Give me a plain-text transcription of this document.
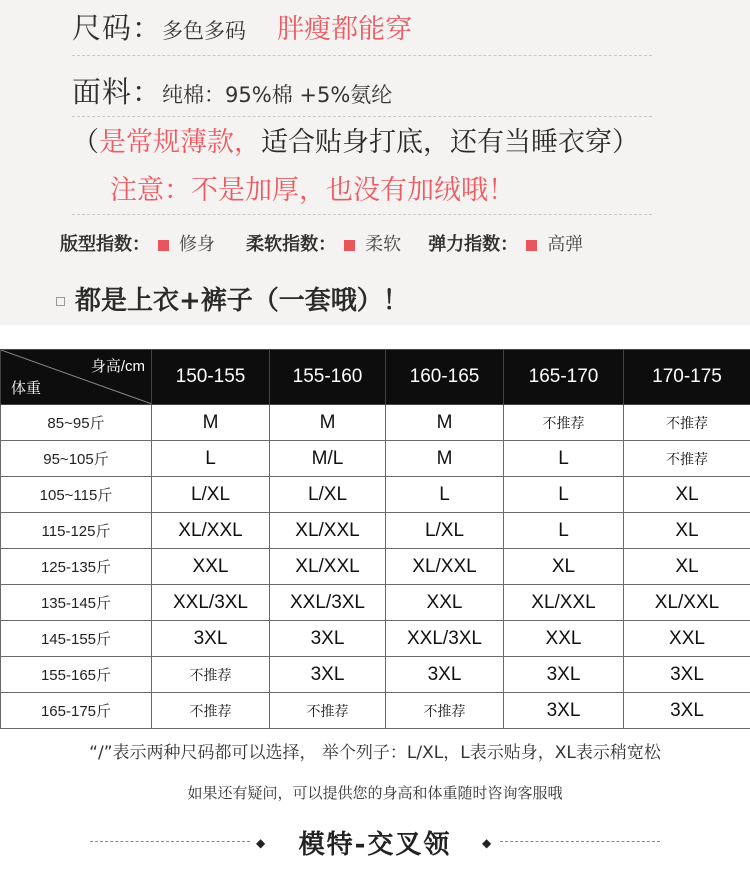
尺码：多色多码 胖瘦都能穿
面料：纯棉：95%棉 +5%氨纶
（是常规薄款，适合贴身打底，还有当睡衣穿）
注意：不是加厚，也没有加绒哦！
版型指数： 修身 柔软指数： 柔软 弹力指数： 高弹
都是上衣+裤子（一套哦）！
身高/cm
体重	150-155	155-160	160-165	165-170	170-175
85~95斤	M	M	M	不推荐	不推荐
95~105斤	L	M/L	M	L	不推荐
105~115斤	L/XL	L/XL	L	L	XL
115-125斤	XL/XXL	XL/XXL	L/XL	L	XL
125-135斤	XXL	XL/XXL	XL/XXL	XL	XL
135-145斤	XXL/3XL	XXL/3XL	XXL	XL/XXL	XL/XXL
145-155斤	3XL	3XL	XXL/3XL	XXL	XXL
155-165斤	不推荐	3XL	3XL	3XL	3XL
165-175斤	不推荐	不推荐	不推荐	3XL	3XL
“/”表示两种尺码都可以选择， 举个列子：L/XL，L表示贴身，XL表示稍宽松
如果还有疑问，可以提供您的身高和体重随时咨询客服哦
◆	模特-交叉领	◆
